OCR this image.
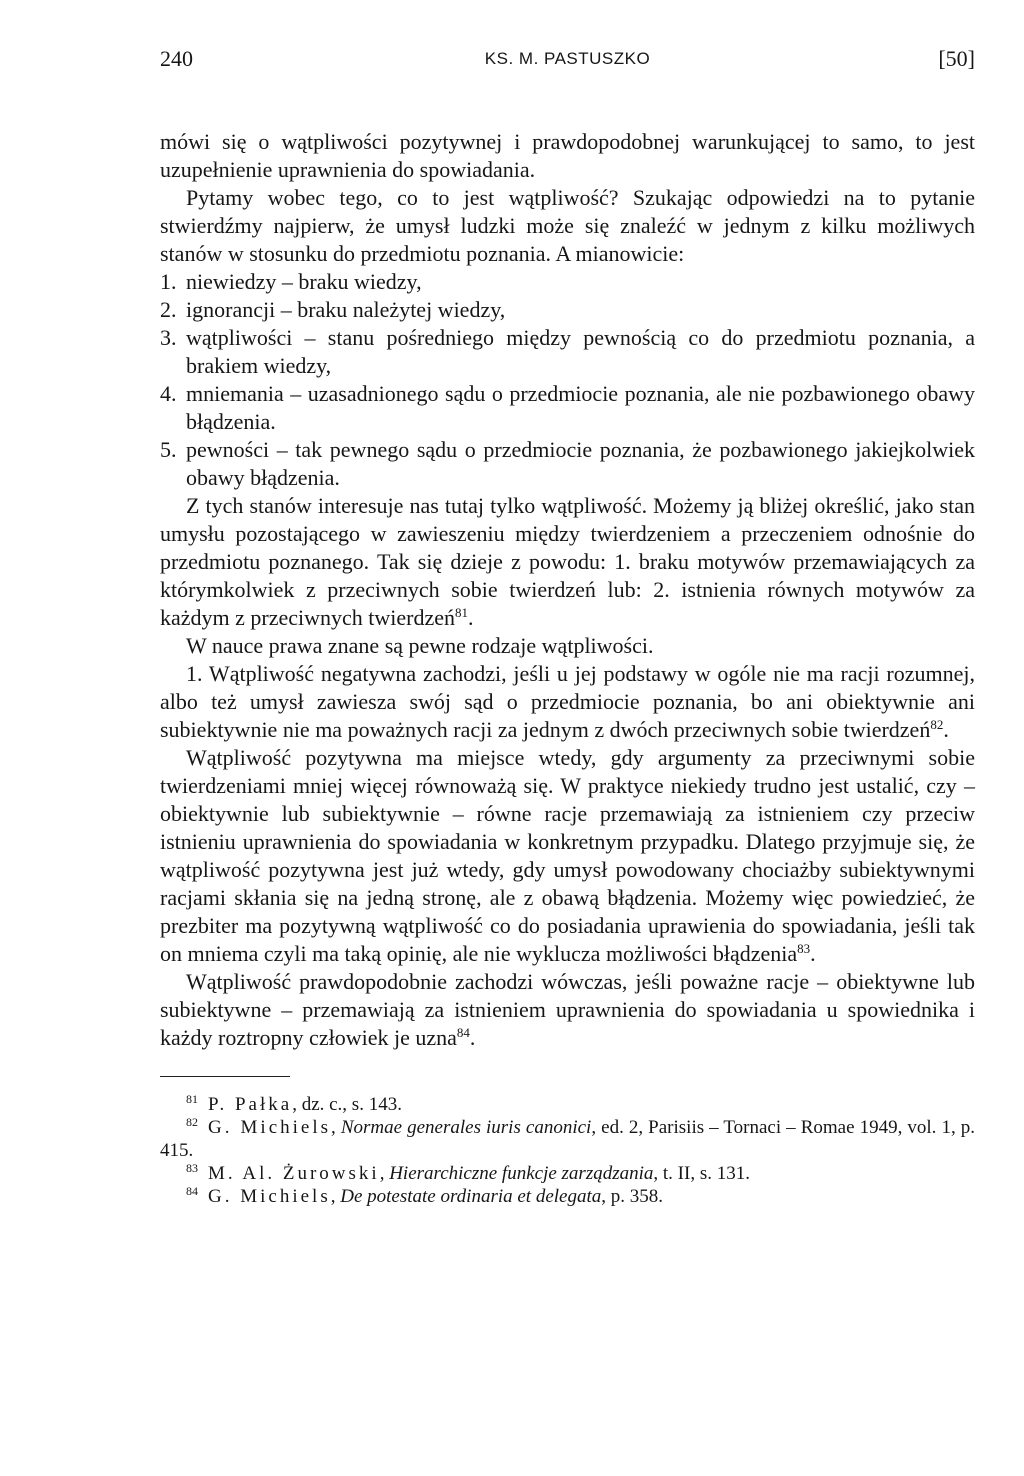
240	KS. M. PASTUSZKO	[50]

mówi się o wątpliwości pozytywnej i prawdopodobnej warunkującej to samo, to jest uzupełnienie uprawnienia do spowiadania.

Pytamy wobec tego, co to jest wątpliwość? Szukając odpowiedzi na to pytanie stwierdźmy najpierw, że umysł ludzki może się znaleźć w jednym z kilku możliwych stanów w stosunku do przedmiotu poznania. A mianowicie:

1. niewiedzy – braku wiedzy,
2. ignorancji – braku należytej wiedzy,
3. wątpliwości – stanu pośredniego między pewnością co do przedmiotu poznania, a brakiem wiedzy,
4. mniemania – uzasadnionego sądu o przedmiocie poznania, ale nie pozbawionego obawy błądzenia.
5. pewności – tak pewnego sądu o przedmiocie poznania, że pozbawionego jakiejkolwiek obawy błądzenia.

Z tych stanów interesuje nas tutaj tylko wątpliwość. Możemy ją bliżej określić, jako stan umysłu pozostającego w zawieszeniu między twierdzeniem a przeczeniem odnośnie do przedmiotu poznanego. Tak się dzieje z powodu: 1. braku motywów przemawiających za którymkolwiek z przeciwnych sobie twierdzeń lub: 2. istnienia równych motywów za każdym z przeciwnych twierdzeń$^{81}$.

W nauce prawa znane są pewne rodzaje wątpliwości.

1. Wątpliwość negatywna zachodzi, jeśli u jej podstawy w ogóle nie ma racji rozumnej, albo też umysł zawiesza swój sąd o przedmiocie poznania, bo ani obiektywnie ani subiektywnie nie ma poważnych racji za jednym z dwóch przeciwnych sobie twierdzeń$^{82}$.

Wątpliwość pozytywna ma miejsce wtedy, gdy argumenty za przeciwnymi sobie twierdzeniami mniej więcej równoważą się. W praktyce niekiedy trudno jest ustalić, czy – obiektywnie lub subiektywnie – równe racje przemawiają za istnieniem czy przeciw istnieniu uprawnienia do spowiadania w konkretnym przypadku. Dlatego przyjmuje się, że wątpliwość pozytywna jest już wtedy, gdy umysł powodowany chociażby subiektywnymi racjami skłania się na jedną stronę, ale z obawą błądzenia. Możemy więc powiedzieć, że prezbiter ma pozytywną wątpliwość co do posiadania uprawienia do spowiadania, jeśli tak on mniema czyli ma taką opinię, ale nie wyklucza możliwości błądzenia$^{83}$.

Wątpliwość prawdopodobnie zachodzi wówczas, jeśli poważne racje – obiektywne lub subiektywne – przemawiają za istnieniem uprawnienia do spowiadania u spowiednika i każdy roztropny człowiek je uzna$^{84}$.

$^{81}$ P. Pałka, dz. c., s. 143.

$^{82}$ G. Michiels, Normae generales iuris canonici, ed. 2, Parisiis – Tornaci – Romae 1949, vol. 1, p. 415.

$^{83}$ M. Al. Żurowski, Hierarchiczne funkcje zarządzania, t. II, s. 131.

$^{84}$ G. Michiels, De potestate ordinaria et delegata, p. 358.
